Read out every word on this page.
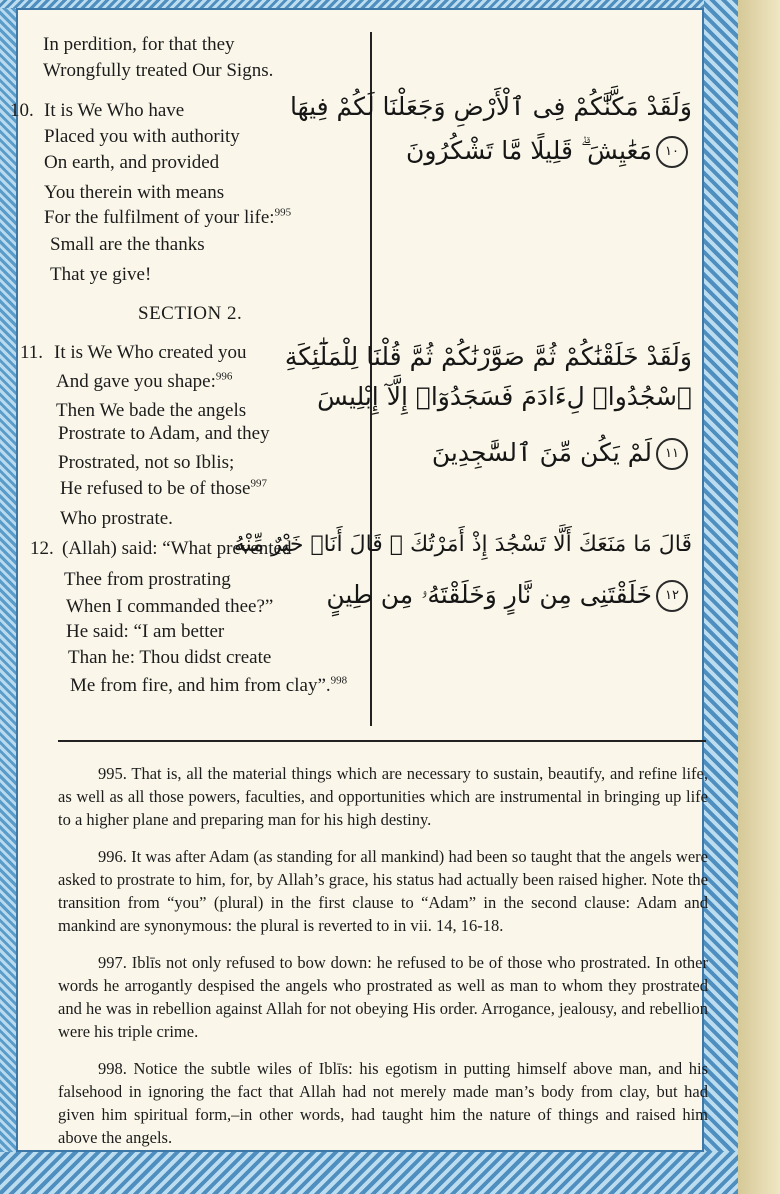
In perdition, for that they
Wrongfully treated Our Signs.
10. It is We Who have
Placed you with authority
On earth, and provided
You therein with means
For the fulfilment of your life:$^{995}$
Small are the thanks
That ye give!
SECTION 2.
11. It is We Who created you
And gave you shape:$^{996}$
Then We bade the angels
Prostrate to Adam, and they
Prostrated, not so Iblis;
He refused to be of those$^{997}$
Who prostrate.
12. (Allah) said: “What prevented
Thee from prostrating
When I commanded thee?”
He said: “I am better
Than he: Thou didst create
Me from fire, and him from clay”.$^{998}$
وَلَقَدْ مَكَّنَّٰكُمْ فِى ٱلْأَرْضِ وَجَعَلْنَا لَكُمْ فِيهَا
١٠مَعَٰيِشَ ۗ قَلِيلًا مَّا تَشْكُرُونَ
وَلَقَدْ خَلَقْنَٰكُمْ ثُمَّ صَوَّرْنَٰكُمْ ثُمَّ قُلْنَا لِلْمَلَٰٓئِكَةِ
ٱسْجُدُوا۟ لِءَادَمَ فَسَجَدُوٓا۟ إِلَّآ إِبْلِيسَ
١١لَمْ يَكُن مِّنَ ٱلسَّٰجِدِينَ
قَالَ مَا مَنَعَكَ أَلَّا تَسْجُدَ إِذْ أَمَرْتُكَ ۖ قَالَ أَنَا۠ خَيْرٌ مِّنْهُ
١٢خَلَقْتَنِى مِن نَّارٍ وَخَلَقْتَهُۥ مِن طِينٍ

995. That is, all the material things which are necessary to sustain, beautify, and refine life, as well as all those powers, faculties, and opportunities which are instrumental in bringing up life to a higher plane and preparing man for his high destiny.

996. It was after Adam (as standing for all mankind) had been so taught that the angels were asked to prostrate to him, for, by Allah’s grace, his status had actually been raised higher. Note the transition from “you” (plural) in the first clause to “Adam” in the second clause: Adam and mankind are synonymous: the plural is reverted to in vii. 14, 16-18.

997. Iblīs not only refused to bow down: he refused to be of those who prostrated. In other words he arrogantly despised the angels who prostrated as well as man to whom they prostrated and he was in rebellion against Allah for not obeying His order. Arrogance, jealousy, and rebellion were his triple crime.

998. Notice the subtle wiles of Iblīs: his egotism in putting himself above man, and his falsehood in ignoring the fact that Allah had not merely made man’s body from clay, but had given him spiritual form,–in other words, had taught him the nature of things and raised him above the angels.
